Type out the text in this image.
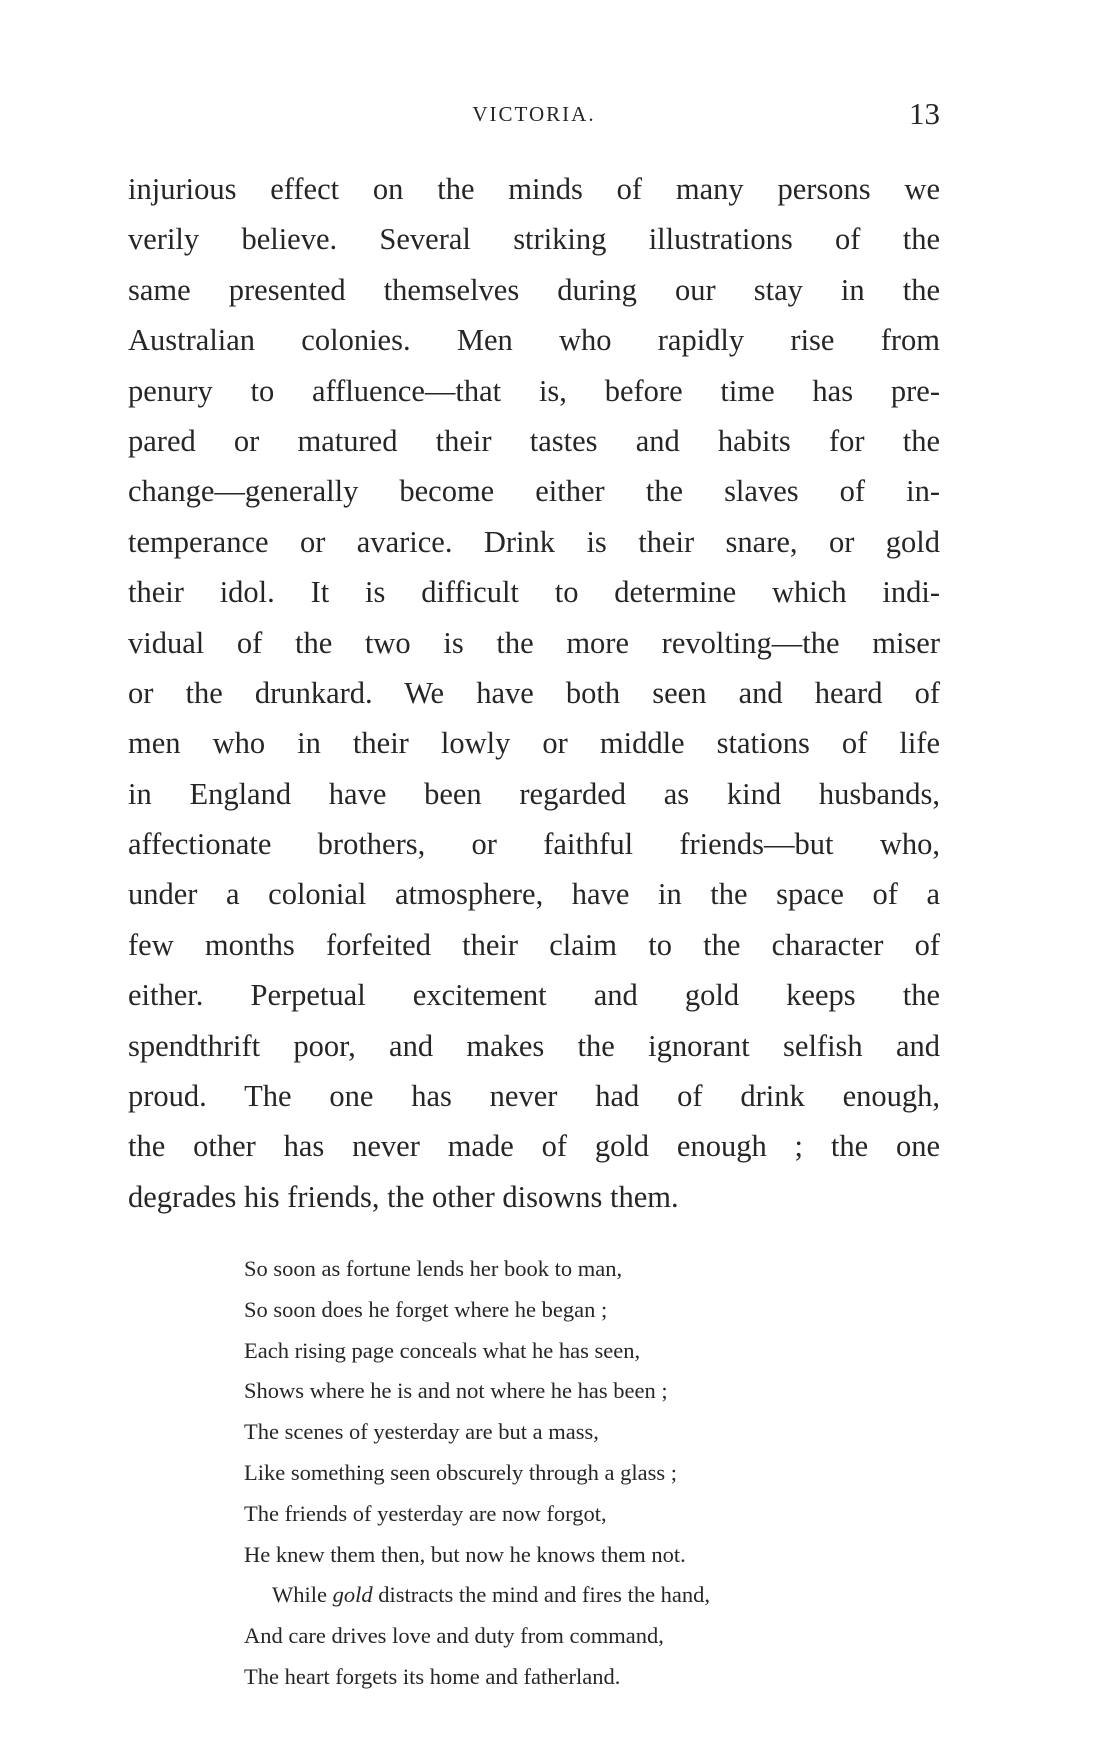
VICTORIA.	13
injurious effect on the minds of many persons we
verily believe. Several striking illustrations of the
same presented themselves during our stay in the
Australian colonies. Men who rapidly rise from
penury to affluence—that is, before time has pre-
pared or matured their tastes and habits for the
change—generally become either the slaves of in-
temperance or avarice. Drink is their snare, or gold
their idol. It is difficult to determine which indi-
vidual of the two is the more revolting—the miser
or the drunkard. We have both seen and heard of
men who in their lowly or middle stations of life
in England have been regarded as kind husbands,
affectionate brothers, or faithful friends—but who,
under a colonial atmosphere, have in the space of a
few months forfeited their claim to the character of
either. Perpetual excitement and gold keeps the
spendthrift poor, and makes the ignorant selfish and
proud. The one has never had of drink enough,
the other has never made of gold enough ; the one
degrades his friends, the other disowns them.
So soon as fortune lends her book to man,
So soon does he forget where he began ;
Each rising page conceals what he has seen,
Shows where he is and not where he has been ;
The scenes of yesterday are but a mass,
Like something seen obscurely through a glass ;
The friends of yesterday are now forgot,
He knew them then, but now he knows them not.
While gold distracts the mind and fires the hand,
And care drives love and duty from command,
The heart forgets its home and fatherland.
